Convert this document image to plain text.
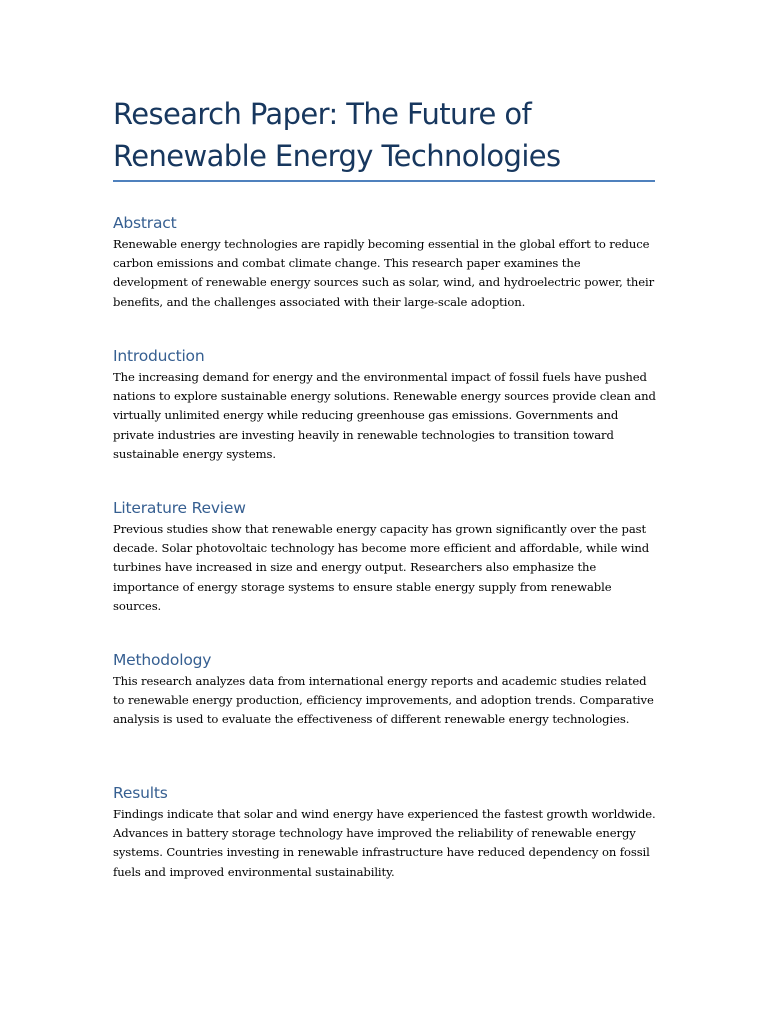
Research Paper: The Future of
Renewable Energy Technologies
Abstract

Renewable energy technologies are rapidly becoming essential in the global effort to reduce carbon emissions and combat climate change. This research paper examines the development of renewable energy sources such as solar, wind, and hydroelectric power, their benefits, and the challenges associated with their large-scale adoption.

Introduction

The increasing demand for energy and the environmental impact of fossil fuels have pushed nations to explore sustainable energy solutions. Renewable energy sources provide clean and virtually unlimited energy while reducing greenhouse gas emissions. Governments and private industries are investing heavily in renewable technologies to transition toward sustainable energy systems.

Literature Review

Previous studies show that renewable energy capacity has grown significantly over the past decade. Solar photovoltaic technology has become more efficient and affordable, while wind turbines have increased in size and energy output. Researchers also emphasize the importance of energy storage systems to ensure stable energy supply from renewable sources.

Methodology

This research analyzes data from international energy reports and academic studies related to renewable energy production, efficiency improvements, and adoption trends. Comparative analysis is used to evaluate the effectiveness of different renewable energy technologies.

Results

Findings indicate that solar and wind energy have experienced the fastest growth worldwide. Advances in battery storage technology have improved the reliability of renewable energy systems. Countries investing in renewable infrastructure have reduced dependency on fossil fuels and improved environmental sustainability.
